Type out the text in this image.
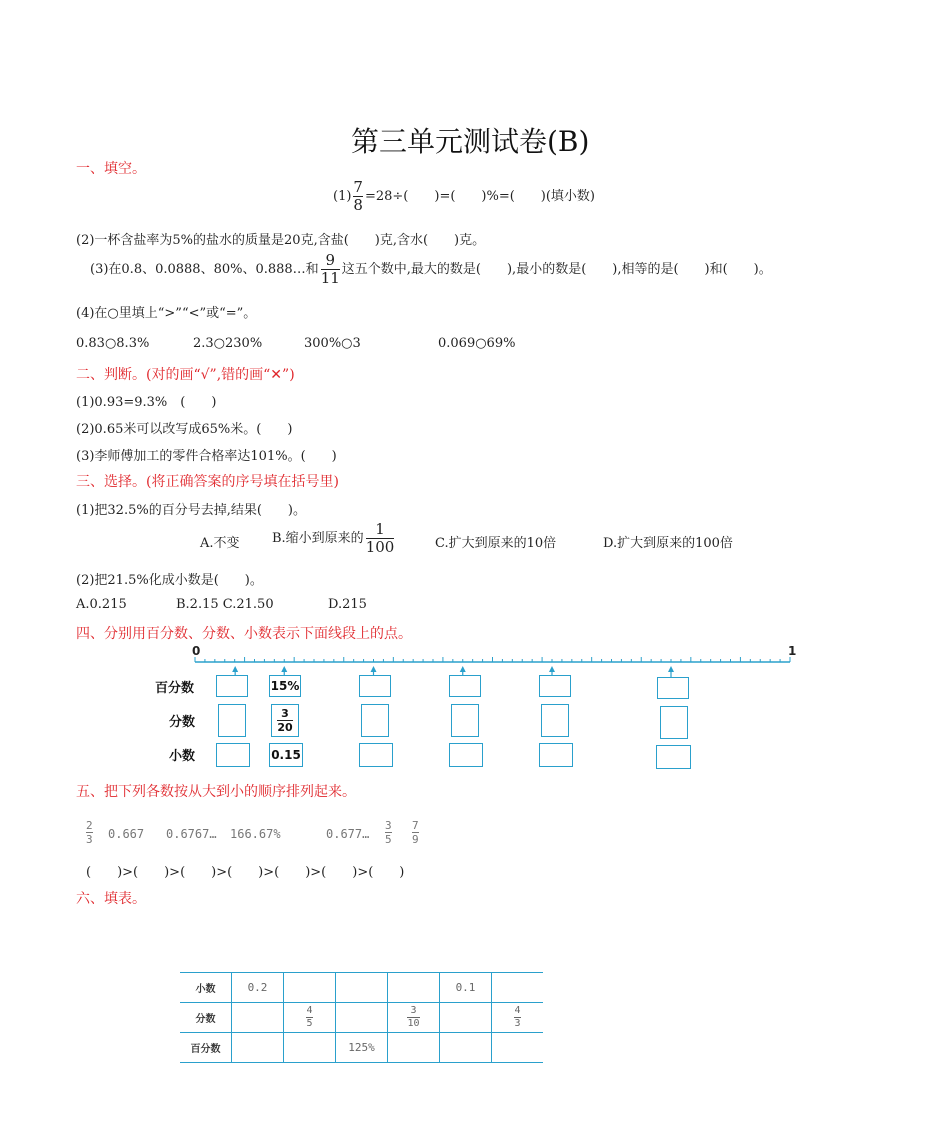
第三单元测试卷(B)
一、填空。
$(1) \frac{7}{8} =28\div$(　　)=(　　)%=(　　)(填小数)
(2)一杯含盐率为5%的盐水的质量是20克,含盐(　　)克,含水(　　)克。
(3)在0.8、0.0888、80%、0.888…和 $\frac{9}{11}$ 这五个数中,最大的数是(　　),最小的数是(　　),相等的是(　　)和(　　)。
(4)在○里填上“>”“<”或“=”。
0.83○8.3%	2.3○230%	300%○3	0.069○69%
二、判断。(对的画“√”,错的画“✕”)
(1)0.93=9.3%　(　　)
(2)0.65米可以改写成65%米。(　　)
(3)李师傅加工的零件合格率达101%。(　　)
三、选择。(将正确答案的序号填在括号里)
(1)把32.5%的百分号去掉,结果(　　)。
A.不变 B.缩小到原来的 $\frac{1}{100}$	C.扩大到原来的10倍	D.扩大到原来的100倍
(2)把21.5%化成小数是(　　)。
A.0.215	B.2.15 C.21.50	D.215
四、分别用百分数、分数、小数表示下面线段上的点。
0	1
百分数
分数
小数
15%
$\frac{3}{20}$
0.15
五、把下列各数按从大到小的顺序排列起来。
$\frac{2}{3} 0.667$ 0.6767… 166.67%	0.677… $\frac{3}{5} \frac{7}{9}$
(　　)>(　　)>(　　)>(　　)>(　　)>(　　)>(　　)
六、填表。
小数	0.2				0.1	
分数		$\frac{4}{5}$		$\frac{3}{10}$		$\frac{4}{3}$
百分数			125%			
